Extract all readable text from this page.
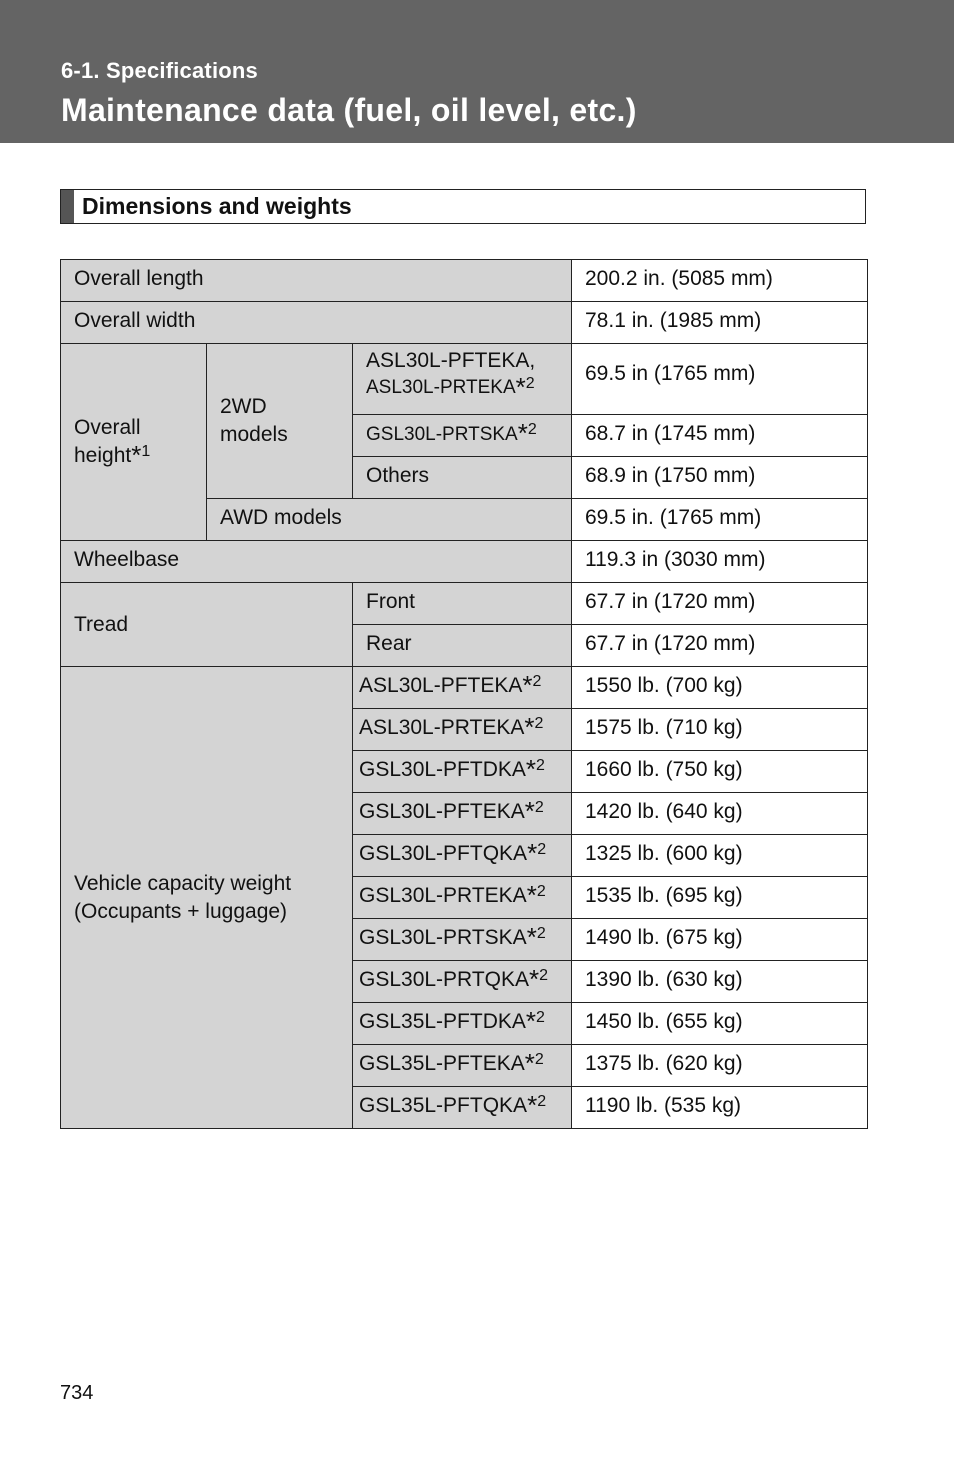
6-1. Specifications
Maintenance data (fuel, oil level, etc.)
Dimensions and weights
Overall length			200.2 in. (5085 mm)
Overall width			78.1 in. (1985 mm)
Overall height*$^1$	2WD models	ASL30L-PFTEKA,
ASL30L-PRTEKA*$^2$	69.5 in (1765 mm)
		GSL30L-PRTSKA*$^2$	68.7 in (1745 mm)
		Others	68.9 in (1750 mm)
	AWD models		69.5 in. (1765 mm)
Wheelbase			119.3 in (3030 mm)
Tread		Front	67.7 in (1720 mm)
		Rear	67.7 in (1720 mm)

Vehicle capacity weight
(Occupants + luggage)		ASL30L-PFTEKA*$^2$	1550 lb. (700 kg)
		ASL30L-PRTEKA*$^2$	1575 lb. (710 kg)
		GSL30L-PFTDKA*$^2$	1660 lb. (750 kg)
		GSL30L-PFTEKA*$^2$	1420 lb. (640 kg)
		GSL30L-PFTQKA*$^2$	1325 lb. (600 kg)
		GSL30L-PRTEKA*$^2$	1535 lb. (695 kg)
		GSL30L-PRTSKA*$^2$	1490 lb. (675 kg)
		GSL30L-PRTQKA*$^2$	1390 lb. (630 kg)
		GSL35L-PFTDKA*$^2$	1450 lb. (655 kg)
		GSL35L-PFTEKA*$^2$	1375 lb. (620 kg)
		GSL35L-PFTQKA*$^2$	1190 lb. (535 kg)
734
